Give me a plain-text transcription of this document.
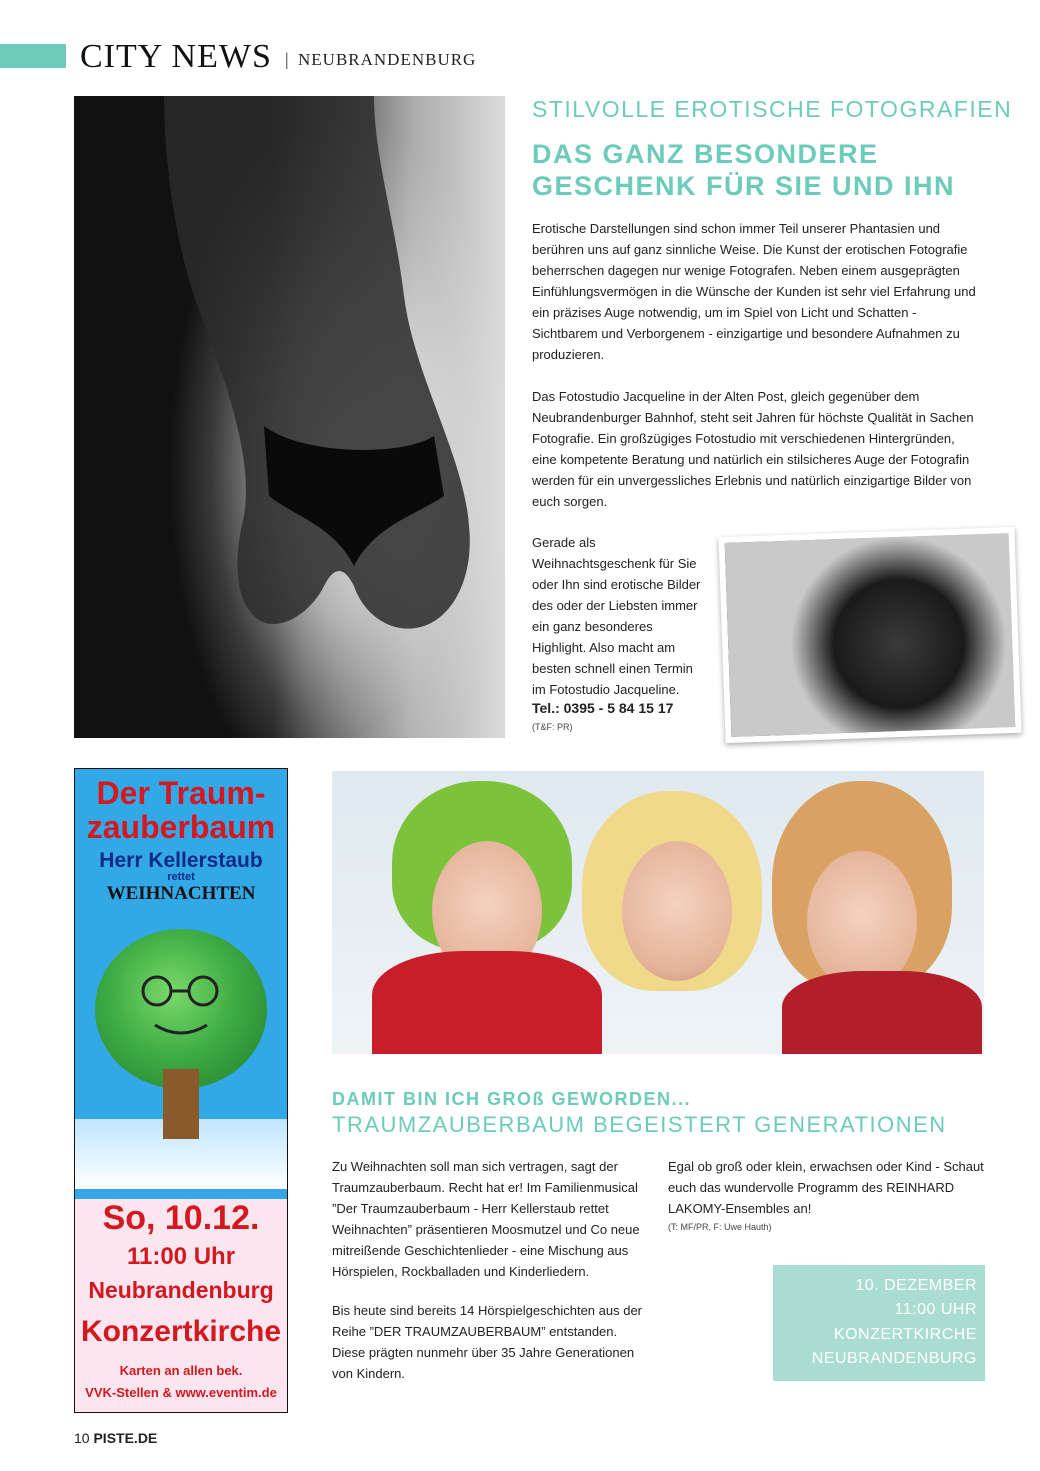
CITY NEWS | NEUBRANDENBURG
STILVOLLE EROTISCHE FOTOGRAFIEN
DAS GANZ BESONDERE
GESCHENK FÜR SIE UND IHN
Erotische Darstellungen sind schon immer Teil unserer Phantasien und berühren uns auf ganz sinnliche Weise. Die Kunst der erotischen Fotografie beherrschen dagegen nur wenige Fotografen. Neben einem ausgeprägten Einfühlungsvermögen in die Wünsche der Kunden ist sehr viel Erfahrung und ein präzises Auge notwendig, um im Spiel von Licht und Schatten - Sichtbarem und Verborgenem - einzigartige und besondere Aufnahmen zu produzieren.
Das Fotostudio Jacqueline in der Alten Post, gleich gegenüber dem Neubrandenburger Bahnhof, steht seit Jahren für höchste Qualität in Sachen Fotografie. Ein großzügiges Fotostudio mit verschiedenen Hintergründen, eine kompetente Beratung und natürlich ein stilsicheres Auge der Fotografin werden für ein unvergessliches Erlebnis und natürlich einzigartige Bilder von euch sorgen.
Gerade als Weihnachtsgeschenk für Sie oder Ihn sind erotische Bilder des oder der Liebsten immer ein ganz besonderes Highlight. Also macht am besten schnell einen Termin im Fotostudio Jacqueline.
Tel.: 0395 - 5 84 15 17
(T&F: PR)
Der Traum-
zauberbaum
Herr Kellerstaub
rettet
WEIHNACHTEN
So, 10.12.
11:00 Uhr
Neubrandenburg
Konzertkirche
Karten an allen bek.
VVK-Stellen & www.eventim.de
DAMIT BIN ICH GROß GEWORDEN...
TRAUMZAUBERBAUM BEGEISTERT GENERATIONEN
Zu Weihnachten soll man sich vertragen, sagt der Traumzauberbaum. Recht hat er! Im Familienmusical ”Der Traumzauberbaum - Herr Kellerstaub rettet Weihnachten” präsentieren Moosmutzel und Co neue mitreißende Geschichtenlieder - eine Mischung aus Hörspielen, Rockballaden und Kinderliedern.
Bis heute sind bereits 14 Hörspielgeschichten aus der Reihe ”DER TRAUMZAUBERBAUM” entstanden. Diese prägten nunmehr über 35 Jahre Generationen von Kindern.
Egal ob groß oder klein, erwachsen oder Kind - Schaut euch das wundervolle Programm des REINHARD LAKOMY-Ensembles an!
(T: MF/PR, F: Uwe Hauth)
10. DEZEMBER
11:00 UHR
KONZERTKIRCHE
NEUBRANDENBURG
10 PISTE.DE
